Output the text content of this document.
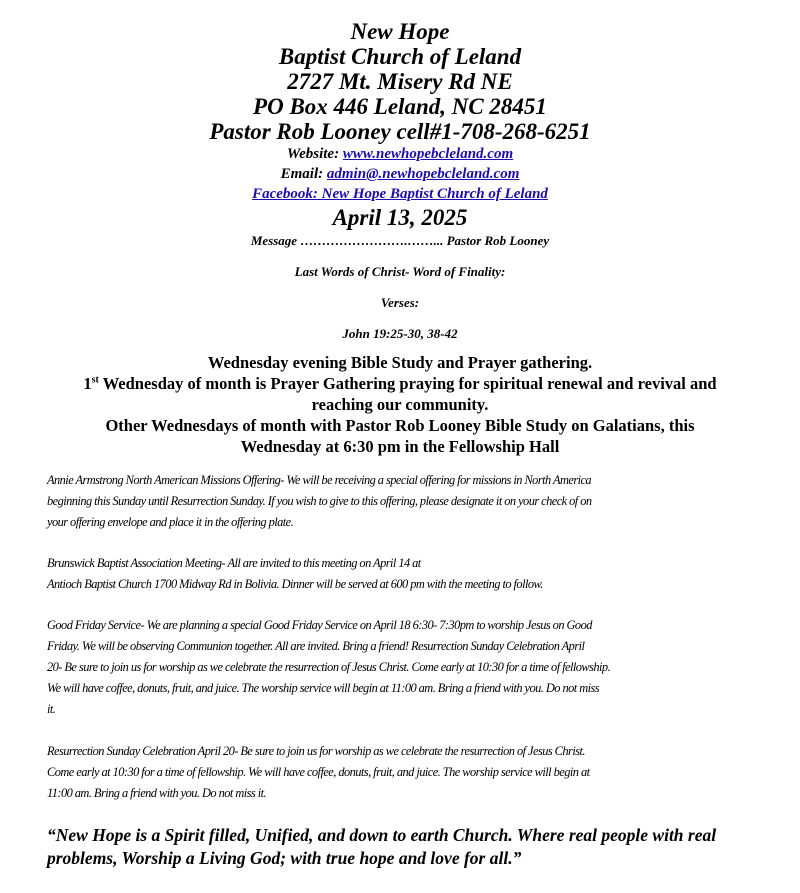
New Hope
Baptist Church of Leland
2727 Mt. Misery Rd NE
PO Box 446 Leland, NC 28451
Pastor Rob Looney cell#1-708-268-6251
Website: www.newhopebcleland.com
Email: admin@.newhopebcleland.com
Facebook: New Hope Baptist Church of Leland
April 13, 2025
Message …………………….……... Pastor Rob Looney
Last Words of Christ- Word of Finality:
Verses:
John 19:25-30, 38-42
Wednesday evening Bible Study and Prayer gathering.
1st Wednesday of month is Prayer Gathering praying for spiritual renewal and revival and
reaching our community.
Other Wednesdays of month with Pastor Rob Looney Bible Study on Galatians, this
Wednesday at 6:30 pm in the Fellowship Hall
Annie Armstrong North American Missions Offering- We will be receiving a special offering for missions in North America
beginning this Sunday until Resurrection Sunday. If you wish to give to this offering, please designate it on your check of on
your offering envelope and place it in the offering plate.
Brunswick Baptist Association Meeting- All are invited to this meeting on April 14 at
Antioch Baptist Church 1700 Midway Rd in Bolivia. Dinner will be served at 600 pm with the meeting to follow.
Good Friday Service- We are planning a special Good Friday Service on April 18 6:30- 7:30pm to worship Jesus on Good
Friday. We will be observing Communion together. All are invited. Bring a friend! Resurrection Sunday Celebration April
20- Be sure to join us for worship as we celebrate the resurrection of Jesus Christ. Come early at 10:30 for a time of fellowship.
We will have coffee, donuts, fruit, and juice. The worship service will begin at 11:00 am. Bring a friend with you. Do not miss
it.
Resurrection Sunday Celebration April 20- Be sure to join us for worship as we celebrate the resurrection of Jesus Christ.
Come early at 10:30 for a time of fellowship. We will have coffee, donuts, fruit, and juice. The worship service will begin at
11:00 am. Bring a friend with you. Do not miss it.
“New Hope is a Spirit filled, Unified, and down to earth Church. Where real people with real
problems, Worship a Living God; with true hope and love for all.”
